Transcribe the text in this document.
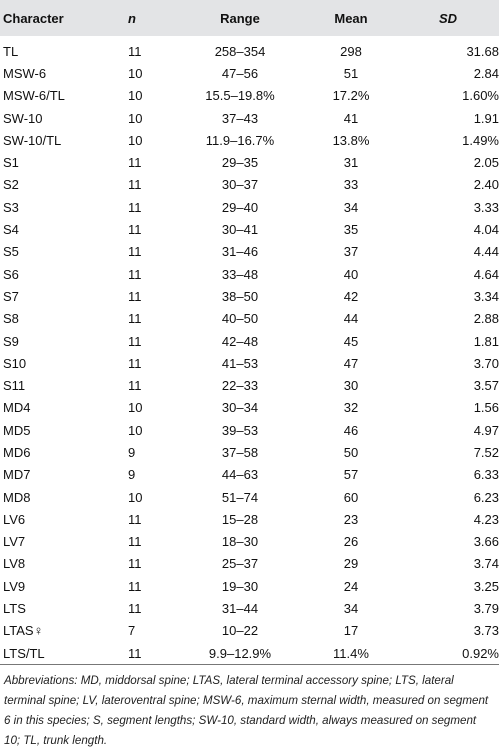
Character	n	Range	Mean	SD
TL	11	258–354	298	31.68
MSW-6	10	47–56	51	2.84
MSW-6/TL	10	15.5–19.8%	17.2%	1.60%
SW-10	10	37–43	41	1.91
SW-10/TL	10	11.9–16.7%	13.8%	1.49%
S1	11	29–35	31	2.05
S2	11	30–37	33	2.40
S3	11	29–40	34	3.33
S4	11	30–41	35	4.04
S5	11	31–46	37	4.44
S6	11	33–48	40	4.64
S7	11	38–50	42	3.34
S8	11	40–50	44	2.88
S9	11	42–48	45	1.81
S10	11	41–53	47	3.70
S11	11	22–33	30	3.57
MD4	10	30–34	32	1.56
MD5	10	39–53	46	4.97
MD6	9	37–58	50	7.52
MD7	9	44–63	57	6.33
MD8	10	51–74	60	6.23
LV6	11	15–28	23	4.23
LV7	11	18–30	26	3.66
LV8	11	25–37	29	3.74
LV9	11	19–30	24	3.25
LTS	11	31–44	34	3.79
LTAS♀	7	10–22	17	3.73
LTS/TL	11	9.9–12.9%	11.4%	0.92%
Abbreviations: MD, middorsal spine; LTAS, lateral terminal accessory spine; LTS, lateral terminal spine; LV, lateroventral spine; MSW-6, maximum sternal width, measured on segment 6 in this species; S, segment lengths; SW-10, standard width, always measured on segment 10; TL, trunk length.
